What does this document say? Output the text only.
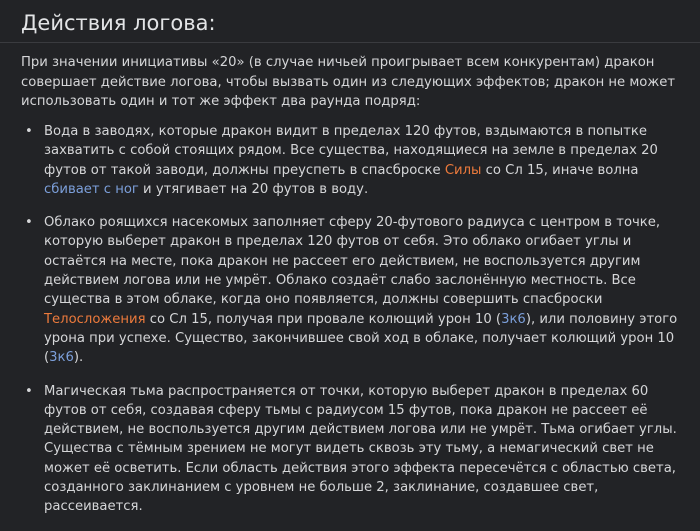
Действия логова:

При значении инициативы «20» (в случае ничьей проигрывает всем конкурентам) дракон совершает действие логова, чтобы вызвать один из следующих эффектов; дракон не может использовать один и тот же эффект два раунда подряд:

• Вода в заводях, которые дракон видит в пределах 120 футов, вздымаются в попытке захватить с собой стоящих рядом. Все существа, находящиеся на земле в пределах 20 футов от такой заводи, должны преуспеть в спасброске Силы со Сл 15, иначе волна сбивает с ног и утягивает на 20 футов в воду.
• Облако роящихся насекомых заполняет сферу 20-футового радиуса с центром в точке, которую выберет дракон в пределах 120 футов от себя. Это облако огибает углы и остаётся на месте, пока дракон не рассеет его действием, не воспользуется другим действием логова или не умрёт. Облако создаёт слабо заслонённую местность. Все существа в этом облаке, когда оно появляется, должны совершить спасброски Телосложения со Сл 15, получая при провале колющий урон 10 (3к6), или половину этого урона при успехе. Существо, закончившее свой ход в облаке, получает колющий урон 10 (3к6).
• Магическая тьма распространяется от точки, которую выберет дракон в пределах 60 футов от себя, создавая сферу тьмы с радиусом 15 футов, пока дракон не рассеет её действием, не воспользуется другим действием логова или не умрёт. Тьма огибает углы. Существа с тёмным зрением не могут видеть сквозь эту тьму, а немагический свет не может её осветить. Если область действия этого эффекта пересечётся с областью света, созданного заклинанием с уровнем не больше 2, заклинание, создавшее свет, рассеивается.
